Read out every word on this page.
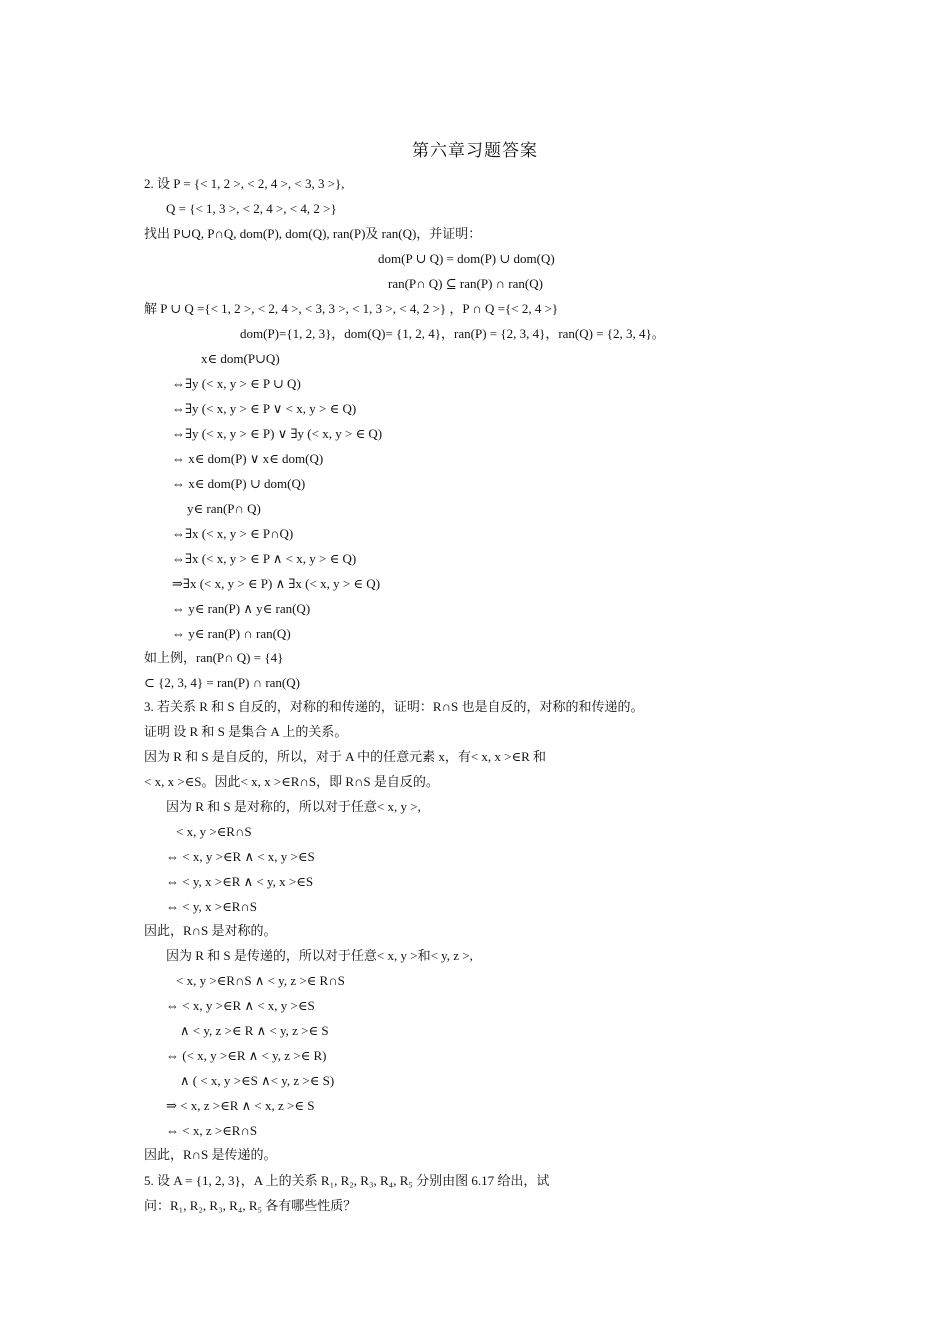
第六章习题答案
2. 设 P = {< 1, 2 >, < 2, 4 >, < 3, 3 >},
Q = {< 1, 3 >, < 2, 4 >, < 4, 2 >}
找出 P∪Q, P∩Q, dom(P), dom(Q), ran(P)及 ran(Q)，并证明：
dom(P ∪ Q) = dom(P) ∪ dom(Q)
ran(P∩ Q) ⊆ ran(P) ∩ ran(Q)
解 P ∪ Q ={< 1, 2 >, < 2, 4 >, < 3, 3 >, < 1, 3 >, < 4, 2 >} ，P ∩ Q ={< 2, 4 >}
dom(P)={1, 2, 3}，dom(Q)= {1, 2, 4}，ran(P) = {2, 3, 4}，ran(Q) = {2, 3, 4}。
x∈ dom(P∪Q)
⇔∃y (< x, y > ∈ P ∪ Q)
⇔∃y (< x, y > ∈ P ∨ < x, y > ∈ Q)
⇔∃y (< x, y > ∈ P) ∨ ∃y (< x, y > ∈ Q)
⇔ x∈ dom(P) ∨ x∈ dom(Q)
⇔ x∈ dom(P) ∪ dom(Q)
y∈ ran(P∩ Q)
⇔∃x (< x, y > ∈ P∩Q)
⇔∃x (< x, y > ∈ P ∧ < x, y > ∈ Q)
⇒∃x (< x, y > ∈ P) ∧ ∃x (< x, y > ∈ Q)
⇔ y∈ ran(P) ∧ y∈ ran(Q)
⇔ y∈ ran(P) ∩ ran(Q)
如上例，ran(P∩ Q) = {4}
⊂ {2, 3, 4} = ran(P) ∩ ran(Q)
3. 若关系 R 和 S 自反的，对称的和传递的，证明：R∩S 也是自反的，对称的和传递的。
证明 设 R 和 S 是集合 A 上的关系。
因为 R 和 S 是自反的，所以，对于 A 中的任意元素 x，有< x, x >∈R 和
< x, x >∈S。因此< x, x >∈R∩S，即 R∩S 是自反的。
因为 R 和 S 是对称的，所以对于任意< x, y >,
< x, y >∈R∩S
⇔ < x, y >∈R ∧ < x, y >∈S
⇔ < y, x >∈R ∧ < y, x >∈S
⇔ < y, x >∈R∩S
因此，R∩S 是对称的。
因为 R 和 S 是传递的，所以对于任意< x, y >和< y, z >,
< x, y >∈R∩S ∧ < y, z >∈ R∩S
⇔ < x, y >∈R ∧ < x, y >∈S
∧ < y, z >∈ R ∧ < y, z >∈ S
⇔ (< x, y >∈R ∧ < y, z >∈ R)
∧ ( < x, y >∈S ∧< y, z >∈ S)
⇒ < x, z >∈R ∧ < x, z >∈ S
⇔ < x, z >∈R∩S
因此，R∩S 是传递的。
5. 设 A = {1, 2, 3}，A 上的关系 R₁, R₂, R₃, R₄, R₅ 分别由图 6.17 给出，试
问：R₁, R₂, R₃, R₄, R₅ 各有哪些性质？
